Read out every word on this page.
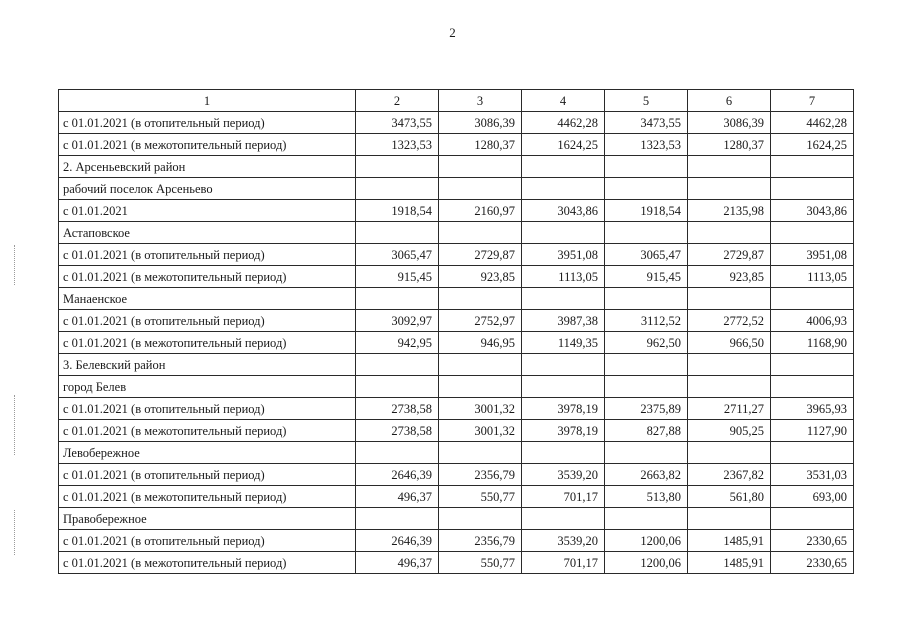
2
1	2	3	4	5	6	7
с 01.01.2021 (в отопительный период)	3473,55	3086,39	4462,28	3473,55	3086,39	4462,28
с 01.01.2021 (в межотопительный период)	1323,53	1280,37	1624,25	1323,53	1280,37	1624,25
2. Арсеньевский район						
рабочий поселок Арсеньево						
с 01.01.2021	1918,54	2160,97	3043,86	1918,54	2135,98	3043,86
Астаповское						
с 01.01.2021 (в отопительный период)	3065,47	2729,87	3951,08	3065,47	2729,87	3951,08
с 01.01.2021 (в межотопительный период)	915,45	923,85	1113,05	915,45	923,85	1113,05
Манаенское						
с 01.01.2021 (в отопительный период)	3092,97	2752,97	3987,38	3112,52	2772,52	4006,93
с 01.01.2021 (в межотопительный период)	942,95	946,95	1149,35	962,50	966,50	1168,90
3. Белевский район						
город Белев						
с 01.01.2021 (в отопительный период)	2738,58	3001,32	3978,19	2375,89	2711,27	3965,93
с 01.01.2021 (в межотопительный период)	2738,58	3001,32	3978,19	827,88	905,25	1127,90
Левобережное						
с 01.01.2021 (в отопительный период)	2646,39	2356,79	3539,20	2663,82	2367,82	3531,03
с 01.01.2021 (в межотопительный период)	496,37	550,77	701,17	513,80	561,80	693,00
Правобережное						
с 01.01.2021 (в отопительный период)	2646,39	2356,79	3539,20	1200,06	1485,91	2330,65
с 01.01.2021 (в межотопительный период)	496,37	550,77	701,17	1200,06	1485,91	2330,65
